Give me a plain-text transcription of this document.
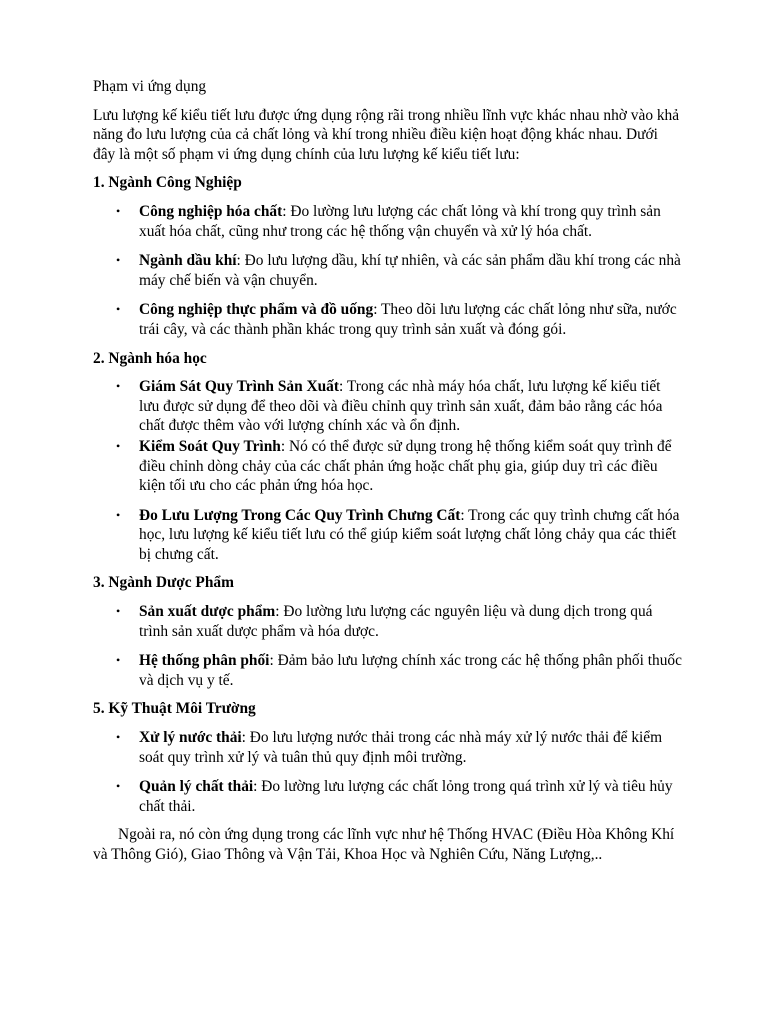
Phạm vi ứng dụng

Lưu lượng kế kiểu tiết lưu được ứng dụng rộng rãi trong nhiều lĩnh vực khác nhau nhờ vào khả năng đo lưu lượng của cả chất lỏng và khí trong nhiều điều kiện hoạt động khác nhau. Dưới đây là một số phạm vi ứng dụng chính của lưu lượng kế kiểu tiết lưu:

1. Ngành Công Nghiệp

• Công nghiệp hóa chất: Đo lường lưu lượng các chất lỏng và khí trong quy trình sản xuất hóa chất, cũng như trong các hệ thống vận chuyển và xử lý hóa chất.
• Ngành dầu khí: Đo lưu lượng dầu, khí tự nhiên, và các sản phẩm dầu khí trong các nhà máy chế biến và vận chuyển.
• Công nghiệp thực phẩm và đồ uống: Theo dõi lưu lượng các chất lỏng như sữa, nước trái cây, và các thành phần khác trong quy trình sản xuất và đóng gói.

2. Ngành hóa học

• Giám Sát Quy Trình Sản Xuất: Trong các nhà máy hóa chất, lưu lượng kế kiểu tiết lưu được sử dụng để theo dõi và điều chỉnh quy trình sản xuất, đảm bảo rằng các hóa chất được thêm vào với lượng chính xác và ổn định.
• Kiểm Soát Quy Trình: Nó có thể được sử dụng trong hệ thống kiểm soát quy trình để điều chỉnh dòng chảy của các chất phản ứng hoặc chất phụ gia, giúp duy trì các điều kiện tối ưu cho các phản ứng hóa học.
• Đo Lưu Lượng Trong Các Quy Trình Chưng Cất: Trong các quy trình chưng cất hóa học, lưu lượng kế kiểu tiết lưu có thể giúp kiểm soát lượng chất lỏng chảy qua các thiết bị chưng cất.

3. Ngành Dược Phẩm

• Sản xuất dược phẩm: Đo lường lưu lượng các nguyên liệu và dung dịch trong quá trình sản xuất dược phẩm và hóa dược.
• Hệ thống phân phối: Đảm bảo lưu lượng chính xác trong các hệ thống phân phối thuốc và dịch vụ y tế.

5. Kỹ Thuật Môi Trường

• Xử lý nước thải: Đo lưu lượng nước thải trong các nhà máy xử lý nước thải để kiểm soát quy trình xử lý và tuân thủ quy định môi trường.
• Quản lý chất thải: Đo lường lưu lượng các chất lỏng trong quá trình xử lý và tiêu hủy chất thải.

Ngoài ra, nó còn ứng dụng trong các lĩnh vực như hệ Thống HVAC (Điều Hòa Không Khí và Thông Gió), Giao Thông và Vận Tải, Khoa Học và Nghiên Cứu, Năng Lượng,..
